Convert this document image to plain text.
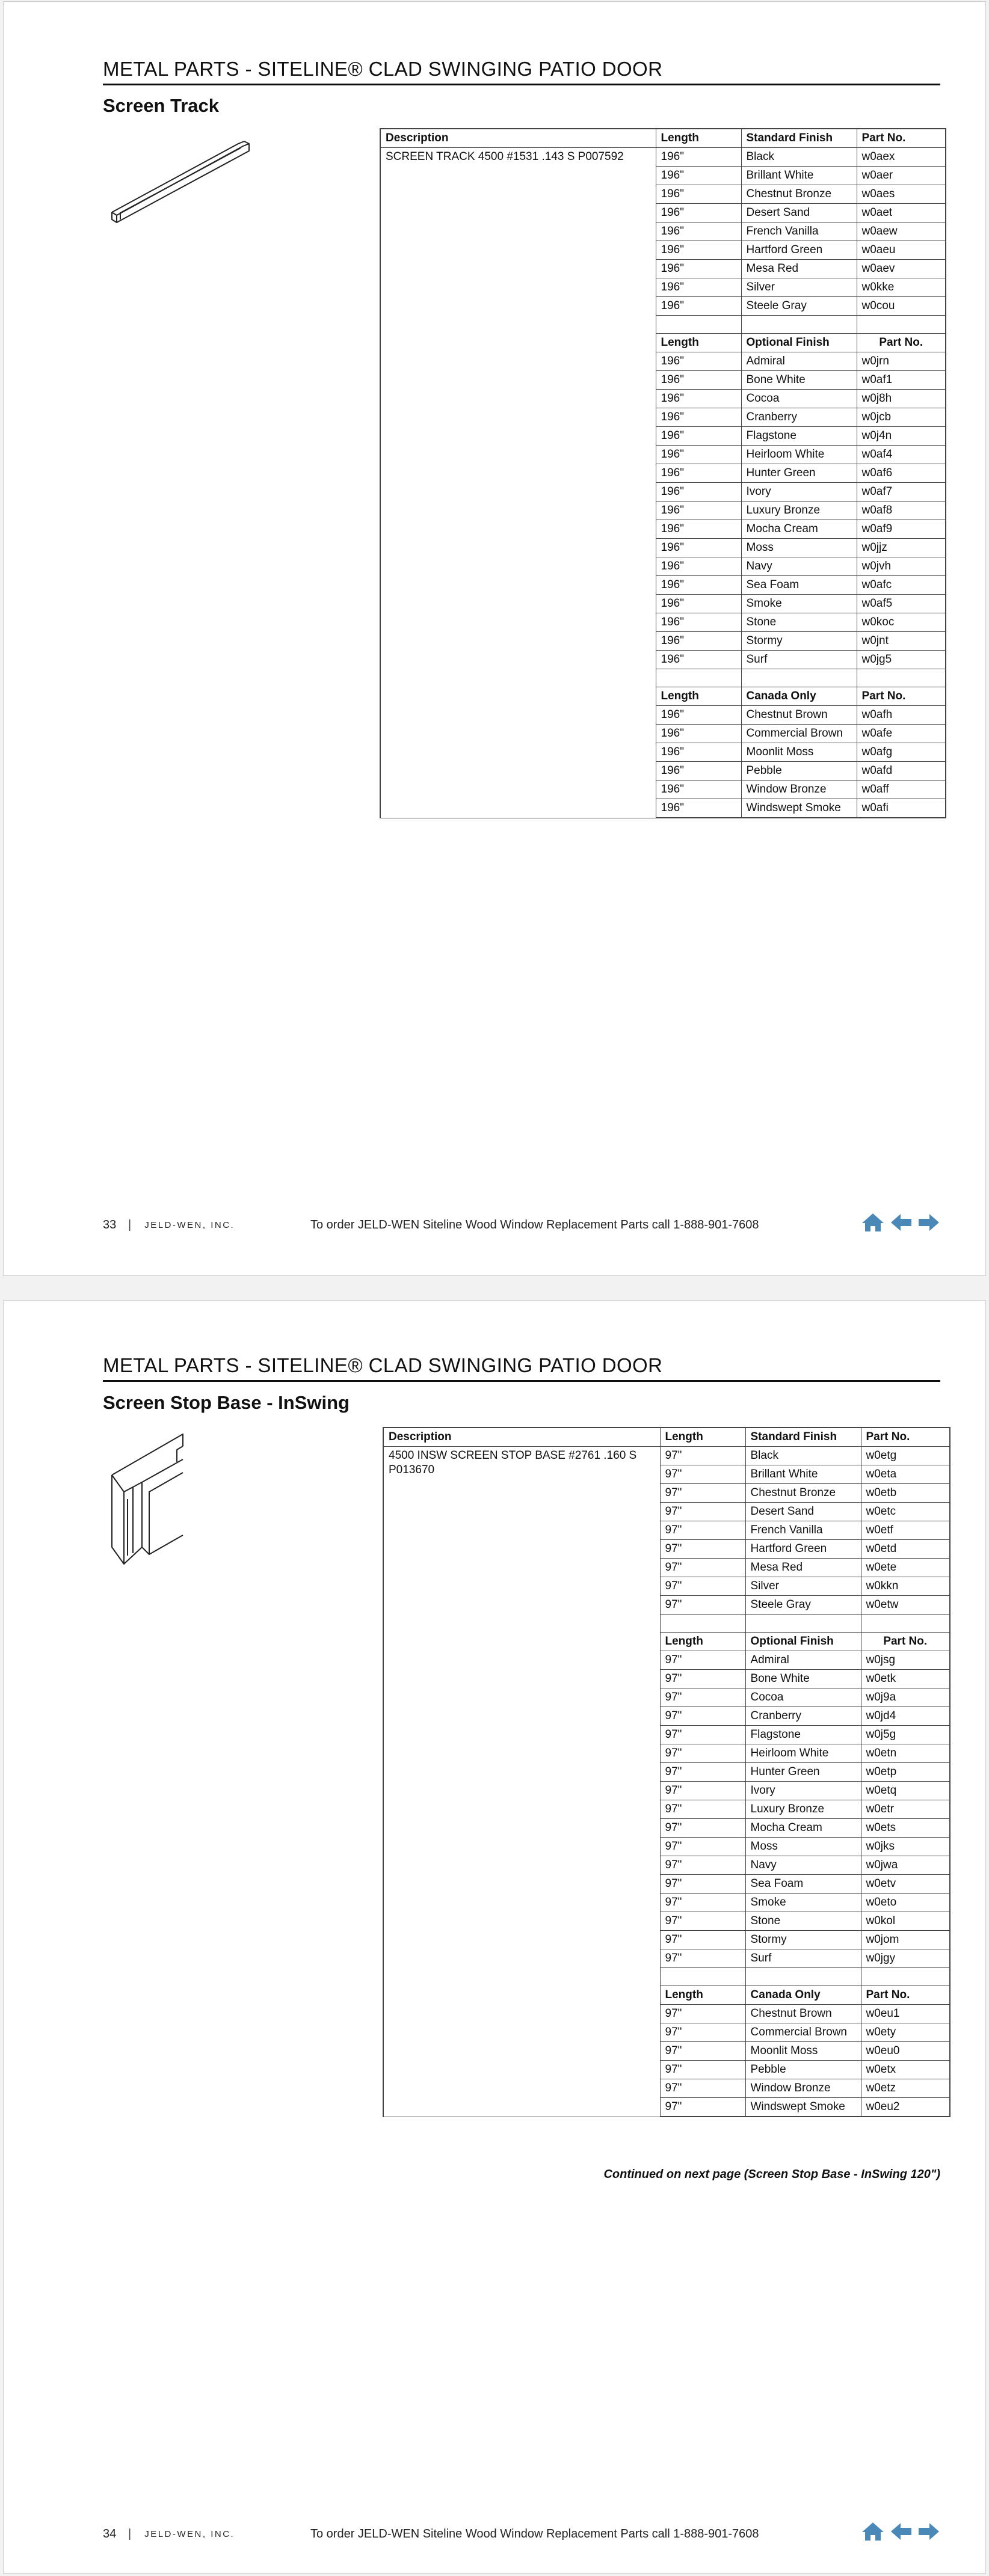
METAL PARTS - SITELINE® CLAD SWINGING PATIO DOOR
Screen Track
Description	Length	Standard Finish	Part No.
SCREEN TRACK 4500 #1531 .143 S P007592	196"	Black	w0aex
	196"	Brillant White	w0aer
	196"	Chestnut Bronze	w0aes
	196"	Desert Sand	w0aet
	196"	French Vanilla	w0aew
	196"	Hartford Green	w0aeu
	196"	Mesa Red	w0aev
	196"	Silver	w0kke
	196"	Steele Gray	w0cou

	Length	Optional Finish	Part No.
	196"	Admiral	w0jrn
	196"	Bone White	w0af1
	196"	Cocoa	w0j8h
	196"	Cranberry	w0jcb
	196"	Flagstone	w0j4n
	196"	Heirloom White	w0af4
	196"	Hunter Green	w0af6
	196"	Ivory	w0af7
	196"	Luxury Bronze	w0af8
	196"	Mocha Cream	w0af9
	196"	Moss	w0jjz
	196"	Navy	w0jvh
	196"	Sea Foam	w0afc
	196"	Smoke	w0af5
	196"	Stone	w0koc
	196"	Stormy	w0jnt
	196"	Surf	w0jg5

	Length	Canada Only	Part No.
	196"	Chestnut Brown	w0afh
	196"	Commercial Brown	w0afe
	196"	Moonlit Moss	w0afg
	196"	Pebble	w0afd
	196"	Window Bronze	w0aff
	196"	Windswept Smoke	w0afi
33 | JELD-WEN, INC.	To order JELD-WEN Siteline Wood Window Replacement Parts call 1-888-901-7608
METAL PARTS - SITELINE® CLAD SWINGING PATIO DOOR
Screen Stop Base - InSwing
Description	Length	Standard Finish	Part No.
4500 INSW SCREEN STOP BASE #2761 .160 S P013670	97"	Black	w0etg
	97"	Brillant White	w0eta
	97"	Chestnut Bronze	w0etb
	97"	Desert Sand	w0etc
	97"	French Vanilla	w0etf
	97"	Hartford Green	w0etd
	97"	Mesa Red	w0ete
	97"	Silver	w0kkn
	97"	Steele Gray	w0etw

	Length	Optional Finish	Part No.
	97"	Admiral	w0jsg
	97"	Bone White	w0etk
	97"	Cocoa	w0j9a
	97"	Cranberry	w0jd4
	97"	Flagstone	w0j5g
	97"	Heirloom White	w0etn
	97"	Hunter Green	w0etp
	97"	Ivory	w0etq
	97"	Luxury Bronze	w0etr
	97"	Mocha Cream	w0ets
	97"	Moss	w0jks
	97"	Navy	w0jwa
	97"	Sea Foam	w0etv
	97"	Smoke	w0eto
	97"	Stone	w0kol
	97"	Stormy	w0jom
	97"	Surf	w0jgy

	Length	Canada Only	Part No.
	97"	Chestnut Brown	w0eu1
	97"	Commercial Brown	w0ety
	97"	Moonlit Moss	w0eu0
	97"	Pebble	w0etx
	97"	Window Bronze	w0etz
	97"	Windswept Smoke	w0eu2
Continued on next page (Screen Stop Base - InSwing 120")
34 | JELD-WEN, INC.	To order JELD-WEN Siteline Wood Window Replacement Parts call 1-888-901-7608
